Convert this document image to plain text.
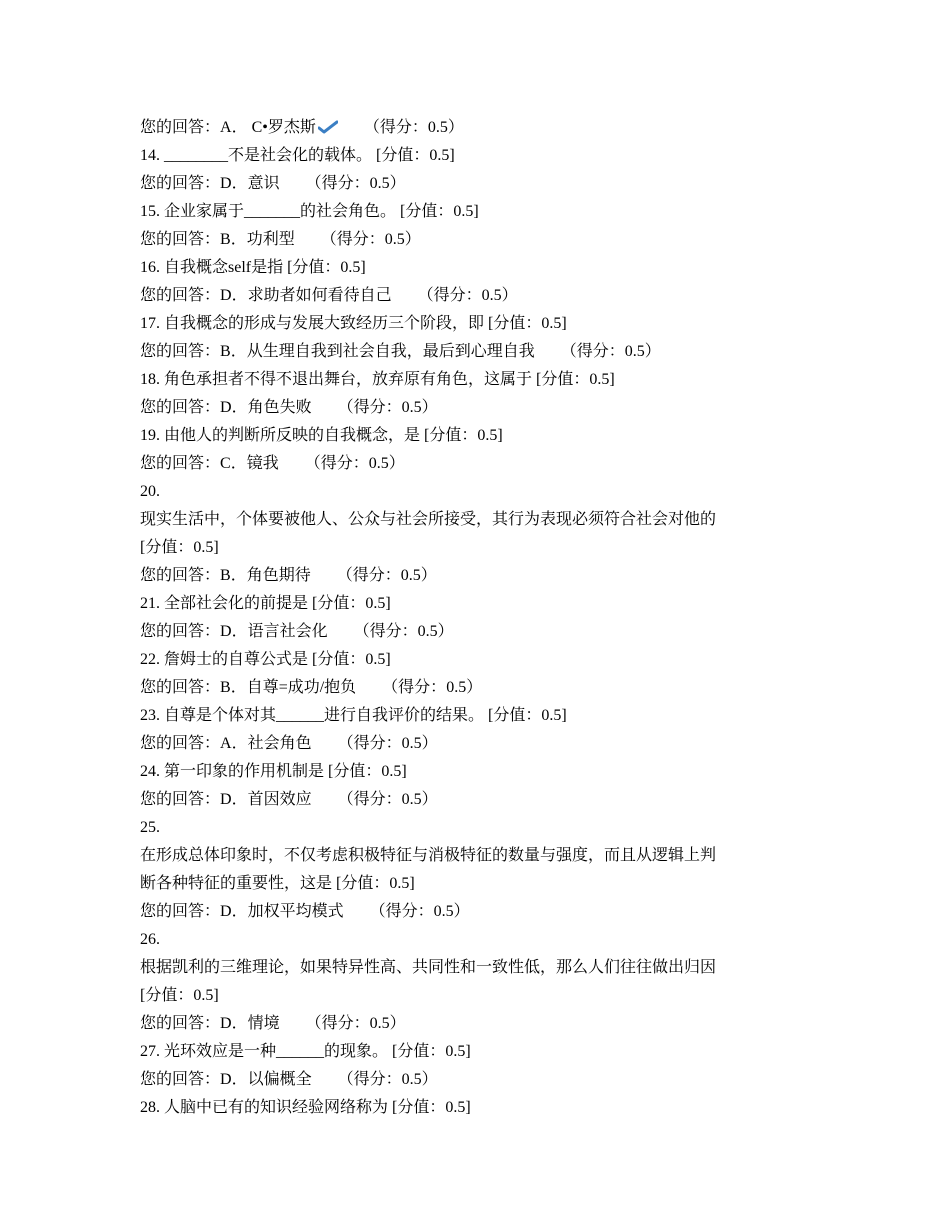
您的回答：A． C•罗杰斯	（得分：0.5）
14. ________不是社会化的载体。 [分值：0.5]
您的回答：D．意识 （得分：0.5）
15. 企业家属于_______的社会角色。 [分值：0.5]
您的回答：B．功利型 （得分：0.5）
16. 自我概念self是指 [分值：0.5]
您的回答：D．求助者如何看待自己 （得分：0.5）
17. 自我概念的形成与发展大致经历三个阶段，即 [分值：0.5]
您的回答：B．从生理自我到社会自我，最后到心理自我 （得分：0.5）
18. 角色承担者不得不退出舞台，放弃原有角色，这属于 [分值：0.5]
您的回答：D．角色失败 （得分：0.5）
19. 由他人的判断所反映的自我概念，是 [分值：0.5]
您的回答：C．镜我 （得分：0.5）
20.
现实生活中，个体要被他人、公众与社会所接受，其行为表现必须符合社会对他的
[分值：0.5]
您的回答：B．角色期待 （得分：0.5）
21. 全部社会化的前提是 [分值：0.5]
您的回答：D．语言社会化 （得分：0.5）
22. 詹姆士的自尊公式是 [分值：0.5]
您的回答：B．自尊=成功/抱负 （得分：0.5）
23. 自尊是个体对其______进行自我评价的结果。 [分值：0.5]
您的回答：A．社会角色 （得分：0.5）
24. 第一印象的作用机制是 [分值：0.5]
您的回答：D．首因效应 （得分：0.5）
25.
在形成总体印象时，不仅考虑积极特征与消极特征的数量与强度，而且从逻辑上判
断各种特征的重要性，这是 [分值：0.5]
您的回答：D．加权平均模式 （得分：0.5）
26.
根据凯利的三维理论，如果特异性高、共同性和一致性低，那么人们往往做出归因
[分值：0.5]
您的回答：D．情境 （得分：0.5）
27. 光环效应是一种______的现象。 [分值：0.5]
您的回答：D．以偏概全 （得分：0.5）
28. 人脑中已有的知识经验网络称为 [分值：0.5]
